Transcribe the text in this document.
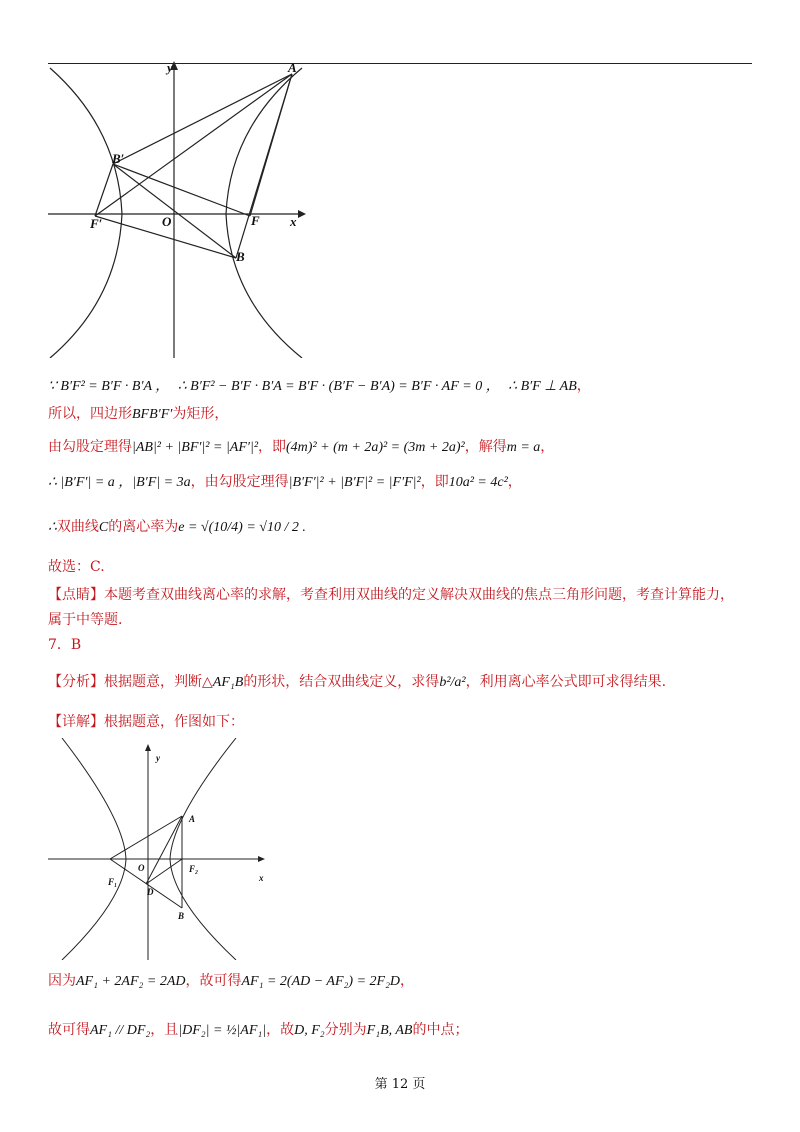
y	A
B′
F′	O	F x
B
∵ B′F² = B′F · B′A ， ∴ B′F² − B′F · B′A = B′F · (B′F − B′A) = B′F · AF = 0 ， ∴ B′F ⊥ AB，
所以，四边形BFB′F′为矩形，
由勾股定理得|AB|² + |BF′|² = |AF′|²，即(4m)² + (m + 2a)² = (3m + 2a)²，解得m = a，
∴ |B′F′| = a ，|B′F| = 3a，由勾股定理得|B′F′|² + |B′F|² = |F′F|²，即10a² = 4c²，
∴双曲线C的离心率为e = √(10/4) = √10 / 2 .
故选：C.
【点睛】本题考查双曲线离心率的求解，考查利用双曲线的定义解决双曲线的焦点三角形问题，考查计算能力，
属于中等题.
7．B
【分析】根据题意，判断△AF₁B的形状，结合双曲线定义，求得b²/a²，利用离心率公式即可求得结果.
【详解】根据题意，作图如下：
y
A
O	F₂
x
F₁
D
B
因为AF₁ + 2AF₂ = 2AD，故可得AF₁ = 2(AD − AF₂) = 2F₂D，
故可得AF₁ // DF₂，且|DF₂| = ½|AF₁|，故D, F₂分别为F₁B, AB的中点；
第 12 页
